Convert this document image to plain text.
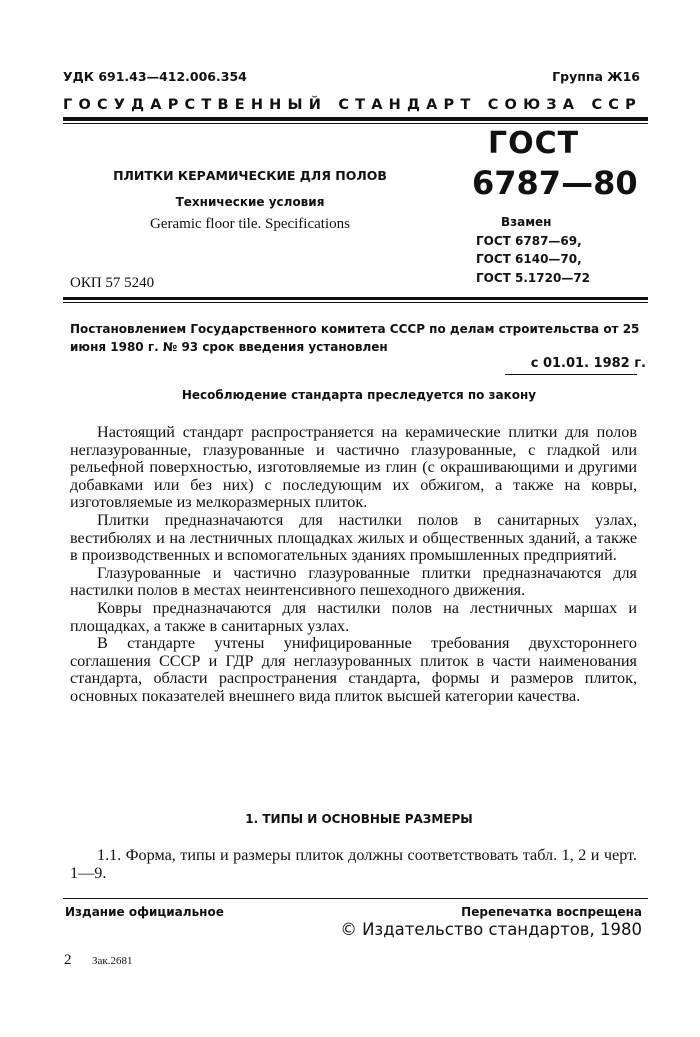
УДК 691.43—412.006.354	Группа Ж16
ГОСУДАРСТВЕННЫЙ СТАНДАРТ СОЮЗА ССР
ГОСТ
6787—80
ПЛИТКИ КЕРАМИЧЕСКИЕ ДЛЯ ПОЛОВ
Технические условия
Geramic floor tile. Specifications
ОКП 57 5240
Взамен
ГОСТ 6787—69,
ГОСТ 6140—70,
ГОСТ 5.1720—72
Постановлением Государственного комитета СССР по делам строительства от 25 июня 1980 г. № 93 срок введения установлен
с 01.01. 1982 г.
Несоблюдение стандарта преследуется по закону

Настоящий стандарт распространяется на керамические плитки для полов неглазурованные, глазурованные и частично глазурованные, с гладкой или рельефной поверхностью, изготовляемые из глин (с окрашивающими и другими добавками или без них) с последующим их обжигом, а также на ковры, изготовляемые из мелкоразмерных плиток.

Плитки предназначаются для настилки полов в санитарных узлах, вестибюлях и на лестничных площадках жилых и общественных зданий, а также в производственных и вспомогательных зданиях промышленных предприятий.

Глазурованные и частично глазурованные плитки предназначаются для настилки полов в местах неинтенсивного пешеходного движения.

Ковры предназначаются для настилки полов на лестничных маршах и площадках, а также в санитарных узлах.

В стандарте учтены унифицированные требования двухстороннего соглашения СССР и ГДР для неглазурованных плиток в части наименования стандарта, области распространения стандарта, формы и размеров плиток, основных показателей внешнего вида плиток высшей категории качества.

1. ТИПЫ И ОСНОВНЫЕ РАЗМЕРЫ

1.1. Форма, типы и размеры плиток должны соответствовать табл. 1, 2 и черт. 1—9.

Издание официальное	Перепечатка воспрещена
© Издательство стандартов, 1980
2 Зак.2681
